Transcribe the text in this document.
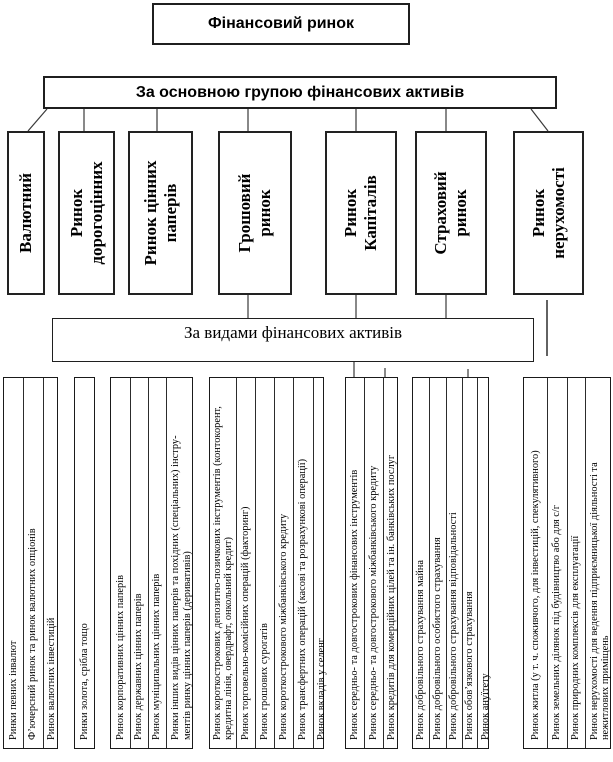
Фінансовий ринок
За основною групою фінансових активів
Валютний Ринок дорогоцінних Ринок цінних паперів	Грошовий ринок	Ринок Капіталів	Страховий ринок	Ринок нерухомості
За видами фінансових активів
Ринки певних інвалют Ф’ючерсний ринок та ринок валютних опціонів Ринок валютних інвестицій Ринки золота, срібла тощо Ринок корпоративних цінних паперів Ринок державних цінних паперів Ринок муніципальних цінних паперів Ринки інших видів цінних паперів та похідних (спеціальних) інстру- ментів ринку цінних паперів (деривативів) Ринок короткострокових депозитно-позичкових інструментів (контокорент, кредитна лінія, овердрафт, онкольний кредит) Ринок торговельно-комісійних операцій (факторинг) Ринок грошових сурогатів Ринок короткострокового міжбанківського кредиту Ринок трансфертних операцій (касові та розрахункові операції) Ринок вкладів у селенг Ринок середньо- та довгострокових фінансових інструментів Ринок середньо- та довгострокового міжбанківського кредиту Ринок кредитів для комерційних цілей та ін. банківських послуг Ринок добровільного страхування майна Ринок добровільного особистого страхування Ринок добровільного страхування відповідальності Ринок обов’язкового страхування Ринок ануїтету	Ринок житла (у т. ч. споживчого, для інвестицій, спекулятивного) Ринок земельних ділянок під будівництво або для с/г Ринок природних комплексів для експлуатації Ринок нерухомості для ведення підприємницької діяльності та нежитлових приміщень
